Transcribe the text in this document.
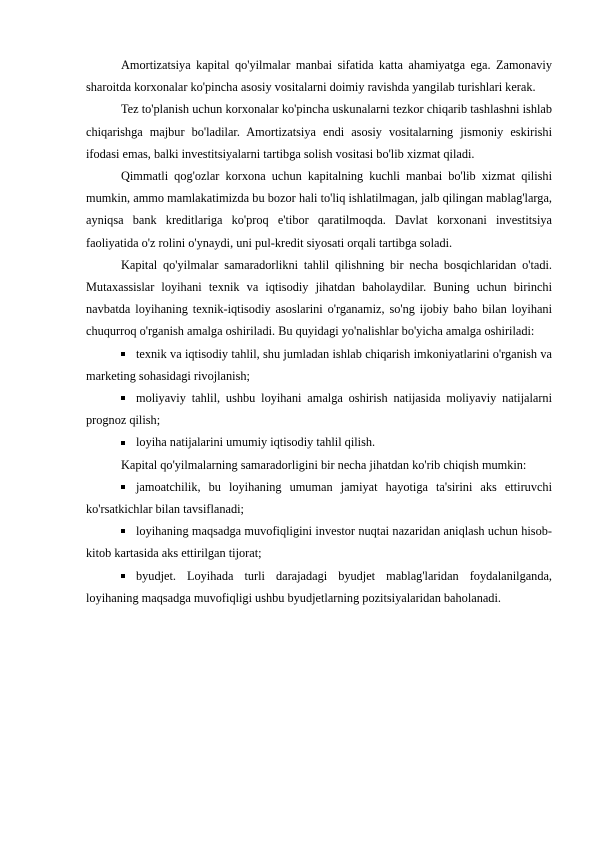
Amortizatsiya kapital qo'yilmalar manbai sifatida katta ahamiyatga ega. Zamonaviy sharoitda korxonalar ko'pincha asosiy vositalarni doimiy ravishda yangilab turishlari kerak.

Tez to'planish uchun korxonalar ko'pincha uskunalarni tezkor chiqarib tashlashni ishlab chiqarishga majbur bo'ladilar. Amortizatsiya endi asosiy vositalarning jismoniy eskirishi ifodasi emas, balki investitsiyalarni tartibga solish vositasi bo'lib xizmat qiladi.

Qimmatli qog'ozlar korxona uchun kapitalning kuchli manbai bo'lib xizmat qilishi mumkin, ammo mamlakatimizda bu bozor hali to'liq ishlatilmagan, jalb qilingan mablag'larga, ayniqsa bank kreditlariga ko'proq e'tibor qaratilmoqda. Davlat korxonani investitsiya faoliyatida o'z rolini o'ynaydi, uni pul-kredit siyosati orqali tartibga soladi.

Kapital qo'yilmalar samaradorlikni tahlil qilishning bir necha bosqichlaridan o'tadi. Mutaxassislar loyihani texnik va iqtisodiy jihatdan baholaydilar. Buning uchun birinchi navbatda loyihaning texnik-iqtisodiy asoslarini o'rganamiz, so'ng ijobiy baho bilan loyihani chuqurroq o'rganish amalga oshiriladi. Bu quyidagi yo'nalishlar bo'yicha amalga oshiriladi:

texnik va iqtisodiy tahlil, shu jumladan ishlab chiqarish imkoniyatlarini o'rganish va marketing sohasidagi rivojlanish;

moliyaviy tahlil, ushbu loyihani amalga oshirish natijasida moliyaviy natijalarni prognoz qilish;

loyiha natijalarini umumiy iqtisodiy tahlil qilish.

Kapital qo'yilmalarning samaradorligini bir necha jihatdan ko'rib chiqish mumkin:

jamoatchilik, bu loyihaning umuman jamiyat hayotiga ta'sirini aks ettiruvchi ko'rsatkichlar bilan tavsiflanadi;

loyihaning maqsadga muvofiqligini investor nuqtai nazaridan aniqlash uchun hisob-kitob kartasida aks ettirilgan tijorat;

byudjet. Loyihada turli darajadagi byudjet mablag'laridan foydalanilganda, loyihaning maqsadga muvofiqligi ushbu byudjetlarning pozitsiyalaridan baholanadi.
